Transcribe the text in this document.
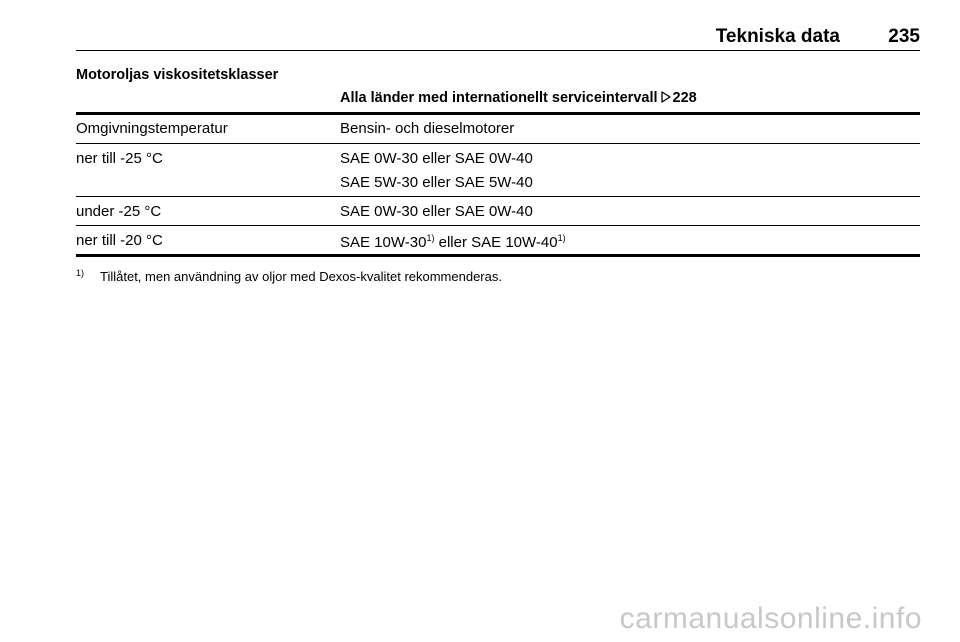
Tekniska data	235
Motoroljas viskositetsklasser
Alla länder med internationellt serviceintervall 228
Omgivningstemperatur	Bensin- och dieselmotorer
ner till -25 °C	SAE 0W-30 eller SAE 0W-40
SAE 5W-30 eller SAE 5W-40
under -25 °C	SAE 0W-30 eller SAE 0W-40
ner till -20 °C	SAE 10W-30$^{1)}$ eller SAE 10W-40$^{1)}$
1) Tillåtet, men användning av oljor med Dexos-kvalitet rekommenderas.
carmanualsonline.info
